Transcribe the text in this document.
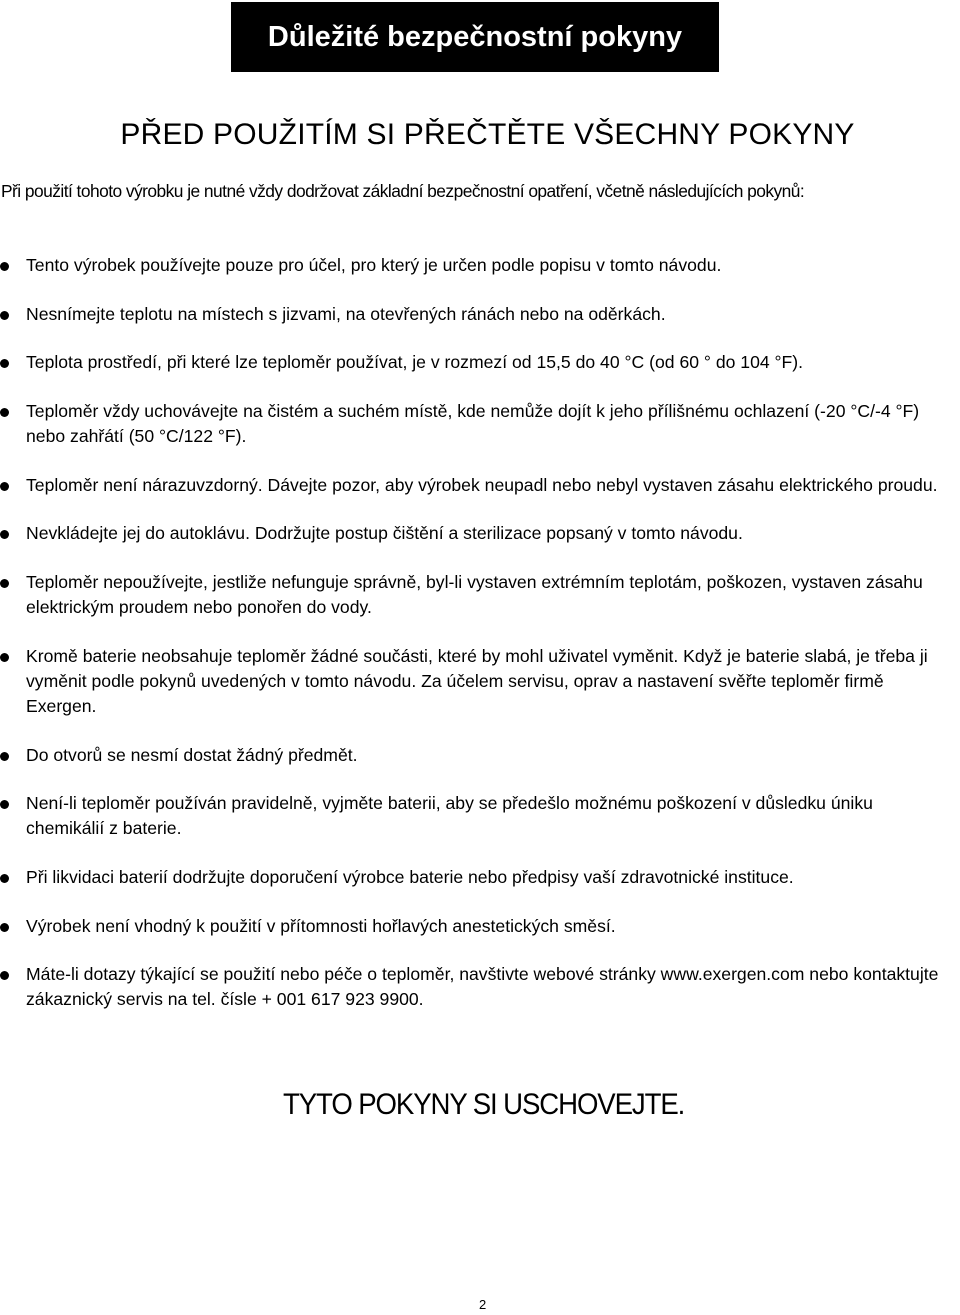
Důležité bezpečnostní pokyny
PŘED POUŽITÍM SI PŘEČTĚTE VŠECHNY POKYNY
Při použití tohoto výrobku je nutné vždy dodržovat základní bezpečnostní opatření, včetně následujících pokynů:
Tento výrobek používejte pouze pro účel, pro který je určen podle popisu v tomto návodu.
Nesnímejte teplotu na místech s jizvami, na otevřených ránách nebo na oděrkách.
Teplota prostředí, při které lze teploměr používat, je v rozmezí od 15,5 do 40 °C (od 60 ° do 104 °F).
Teploměr vždy uchovávejte na čistém a suchém místě, kde nemůže dojít k jeho přílišnému ochlazení (-20 °C/-4 °F) nebo zahřátí (50 °C/122 °F).
Teploměr není nárazuvzdorný. Dávejte pozor, aby výrobek neupadl nebo nebyl vystaven zásahu elektrického proudu.
Nevkládejte jej do autoklávu. Dodržujte postup čištění a sterilizace popsaný v tomto návodu.
Teploměr nepoužívejte, jestliže nefunguje správně, byl-li vystaven extrémním teplotám, poškozen, vystaven zásahu elektrickým proudem nebo ponořen do vody.
Kromě baterie neobsahuje teploměr žádné součásti, které by mohl uživatel vyměnit. Když je baterie slabá, je třeba ji vyměnit podle pokynů uvedených v tomto návodu. Za účelem servisu, oprav a nastavení svěřte teploměr firmě Exergen.
Do otvorů se nesmí dostat žádný předmět.
Není-li teploměr používán pravidelně, vyjměte baterii, aby se předešlo možnému poškození v důsledku úniku chemikálií z baterie.
Při likvidaci baterií dodržujte doporučení výrobce baterie nebo předpisy vaší zdravotnické instituce.
Výrobek není vhodný k použití v přítomnosti hořlavých anestetických směsí.
Máte-li dotazy týkající se použití nebo péče o teploměr, navštivte webové stránky www.exergen.com nebo kontaktujte zákaznický servis na tel. čísle + 001 617 923 9900.
TYTO POKYNY SI USCHOVEJTE.
2
